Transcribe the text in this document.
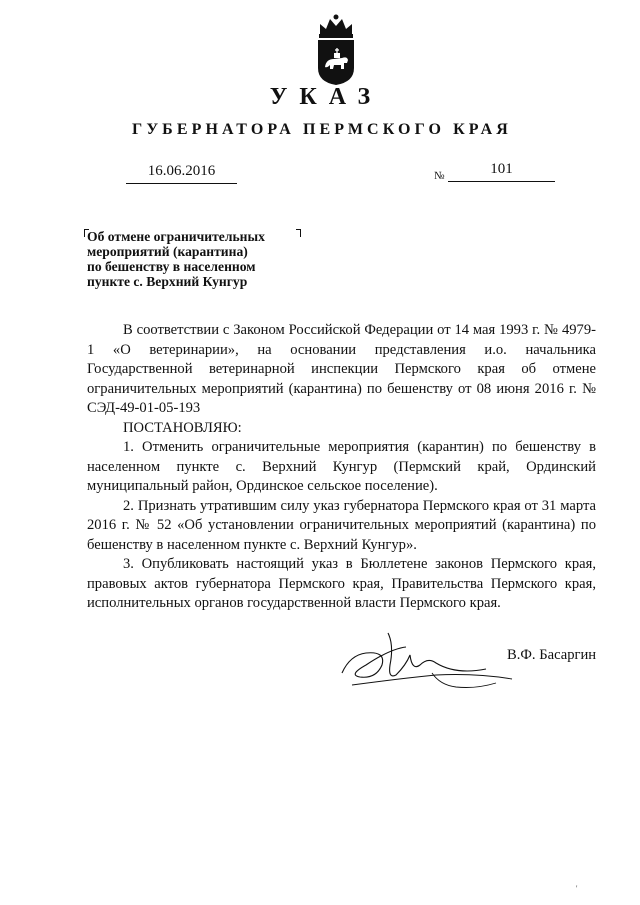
УКАЗ
ГУБЕРНАТОРА ПЕРМСКОГО КРАЯ
16.06.2016	№	101
Об отмене ограничительных
мероприятий (карантина)
по бешенству в населенном
пункте с. Верхний Кунгур

В соответствии с Законом Российской Федерации от 14 мая 1993 г. № 4979-1 «О ветеринарии», на основании представления и.о. начальника Государственной ветеринарной инспекции Пермского края об отмене ограничительных мероприятий (карантина) по бешенству от 08 июня 2016 г. № СЭД-49-01-05-193

ПОСТАНОВЛЯЮ:

1. Отменить ограничительные мероприятия (карантин) по бешенству в населенном пункте с. Верхний Кунгур (Пермский край, Ординский муниципальный район, Ординское сельское поселение).

2. Признать утратившим силу указ губернатора Пермского края от 31 марта 2016 г. № 52 «Об установлении ограничительных мероприятий (карантина) по бешенству в населенном пункте с. Верхний Кунгур».

3. Опубликовать настоящий указ в Бюллетене законов Пермского края, правовых актов губернатора Пермского края, Правительства Пермского края, исполнительных органов государственной власти Пермского края.

В.Ф. Басаргин
'
